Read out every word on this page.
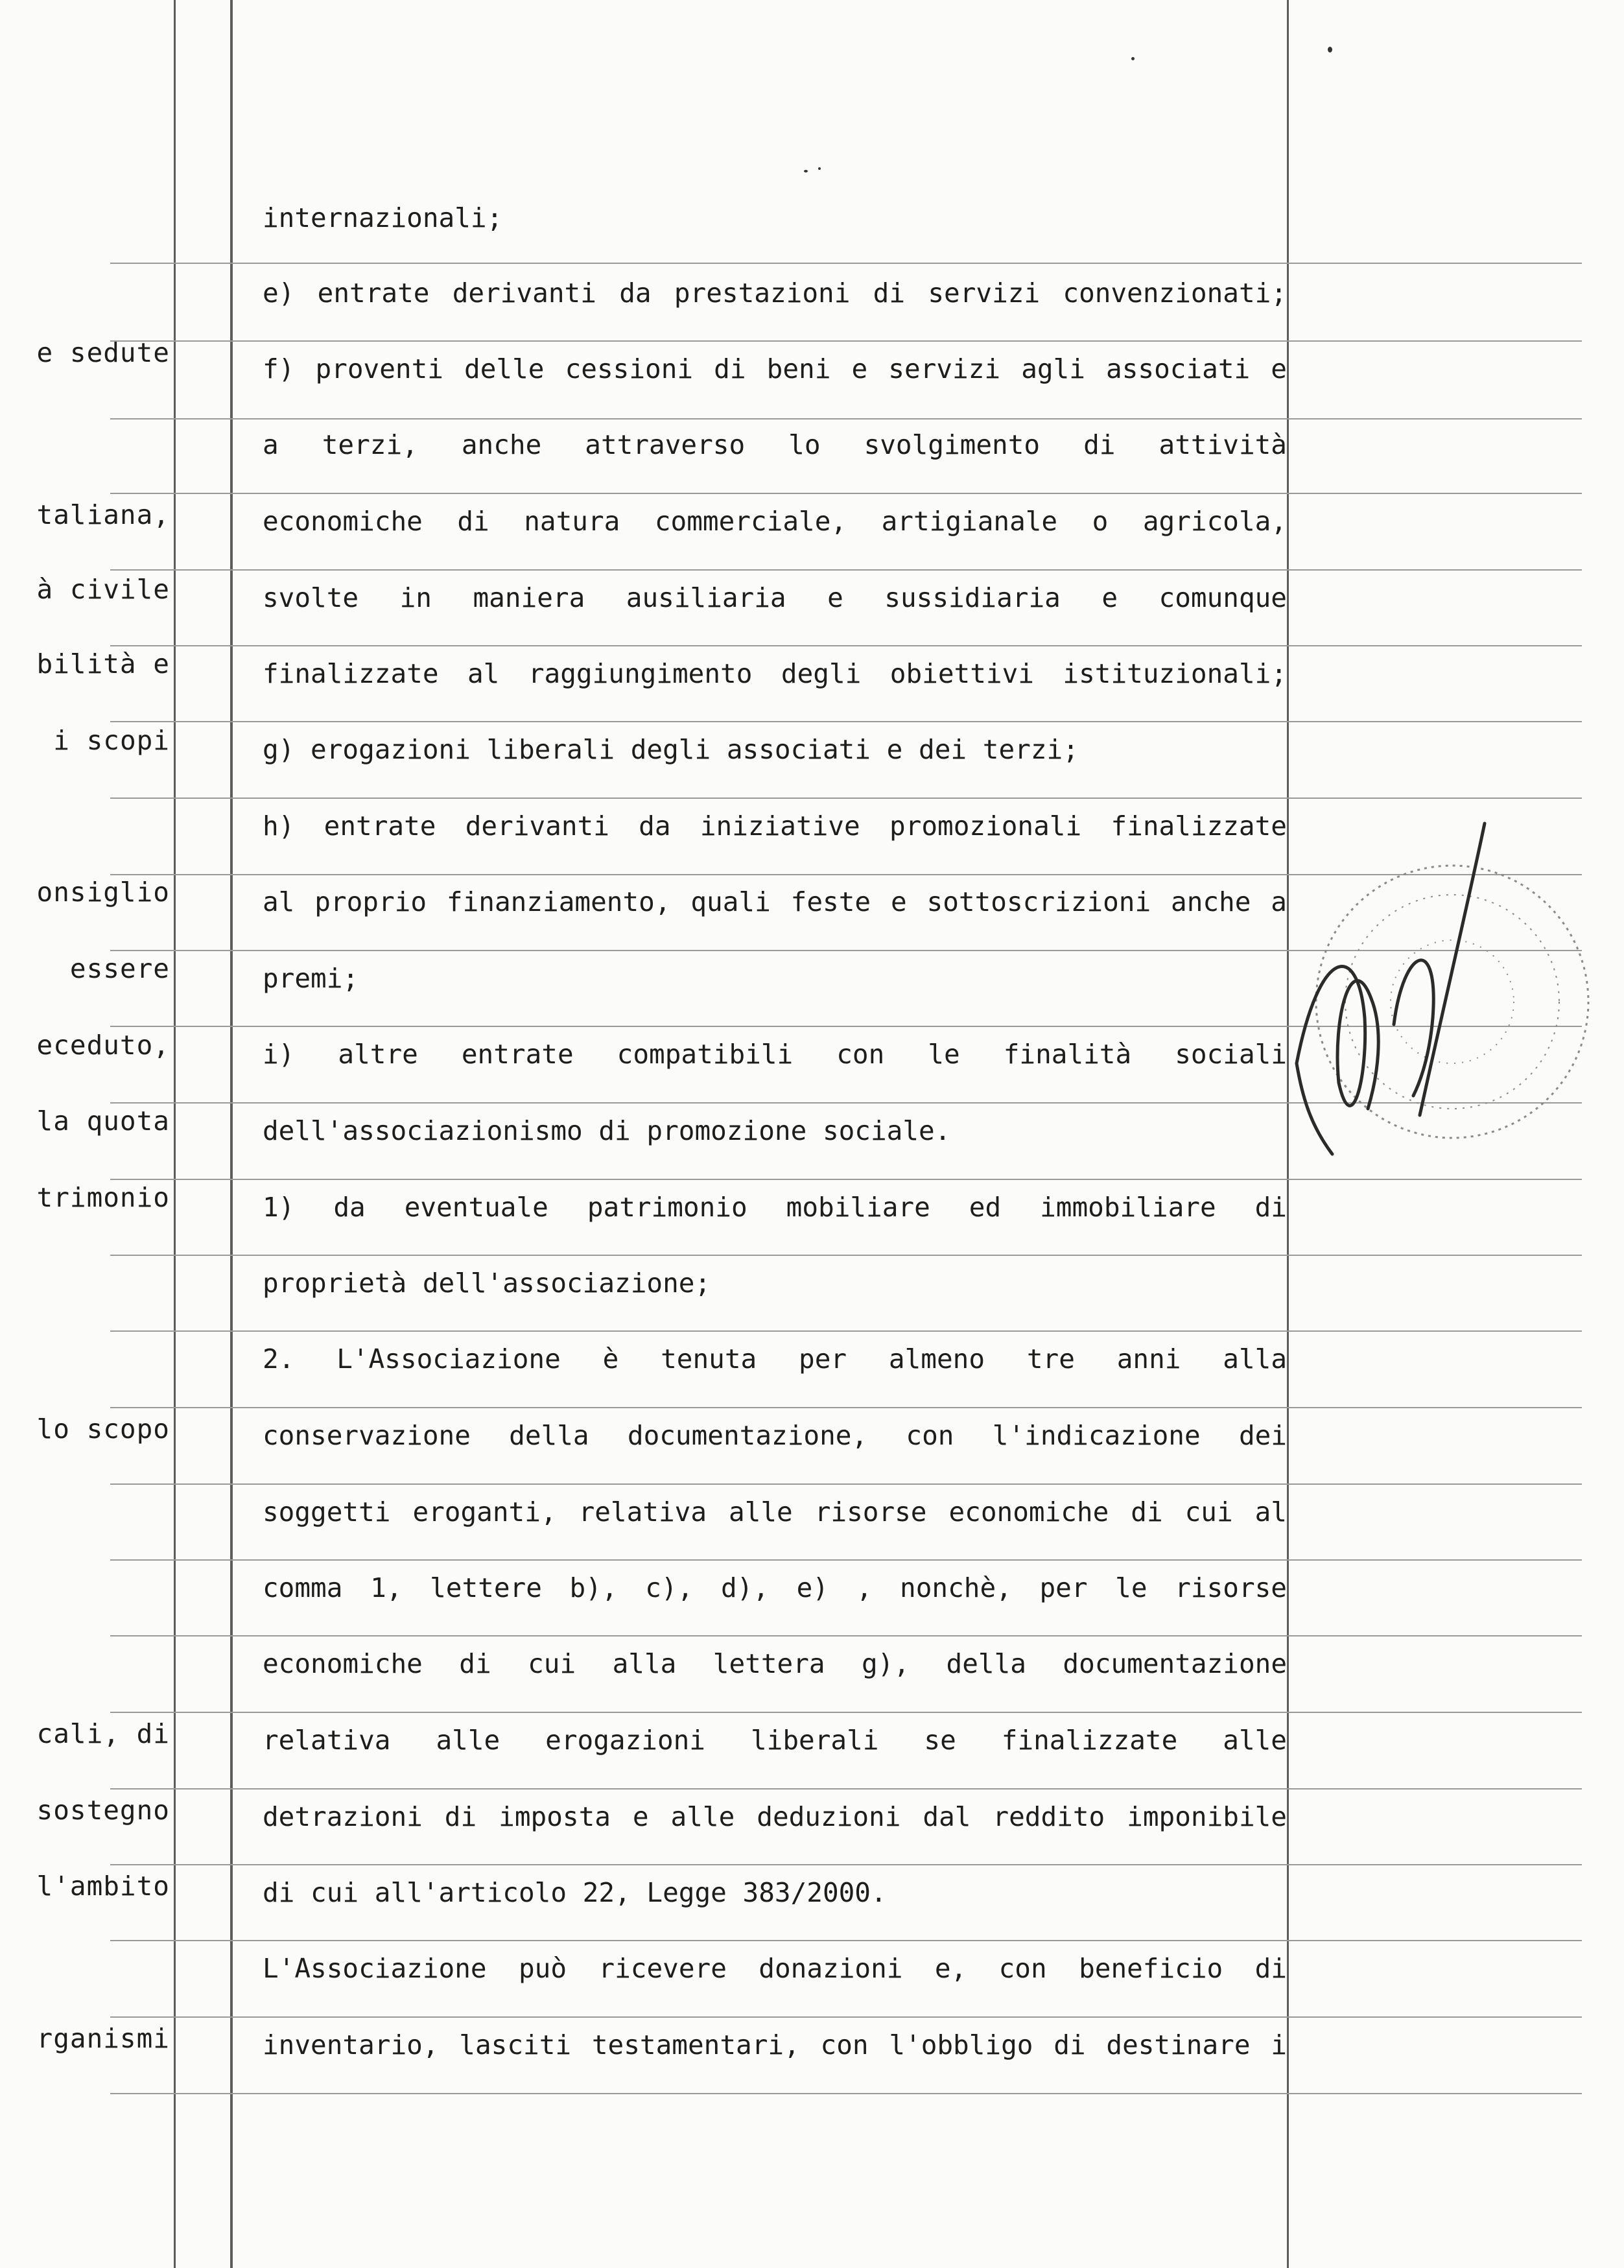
e sedute
taliana,
à civile
bilità e
i scopi
onsiglio
essere
eceduto,
la quota
trimonio
lo scopo
cali, di
sostegno
l'ambito
rganismi
internazionali;
e) entrate derivanti da prestazioni di servizi convenzionati;
f) proventi delle cessioni di beni e servizi agli associati e
a terzi, anche attraverso lo svolgimento di attività
economiche di natura commerciale, artigianale o agricola,
svolte in maniera ausiliaria e sussidiaria e comunque
finalizzate al raggiungimento degli obiettivi istituzionali;
g) erogazioni liberali degli associati e dei terzi;
h) entrate derivanti da iniziative promozionali finalizzate
al proprio finanziamento, quali feste e sottoscrizioni anche a
premi;
i) altre entrate compatibili con le finalità sociali
dell'associazionismo di promozione sociale.
1) da eventuale patrimonio mobiliare ed immobiliare di
proprietà dell'associazione;
2. L'Associazione è tenuta per almeno tre anni alla
conservazione della documentazione, con l'indicazione dei
soggetti eroganti, relativa alle risorse economiche di cui al
comma 1, lettere b), c), d), e) , nonchè, per le risorse
economiche di cui alla lettera g), della documentazione
relativa alle erogazioni liberali se finalizzate alle
detrazioni di imposta e alle deduzioni dal reddito imponibile
di cui all'articolo 22, Legge 383/2000.
L'Associazione può ricevere donazioni e, con beneficio di
inventario, lasciti testamentari, con l'obbligo di destinare i
